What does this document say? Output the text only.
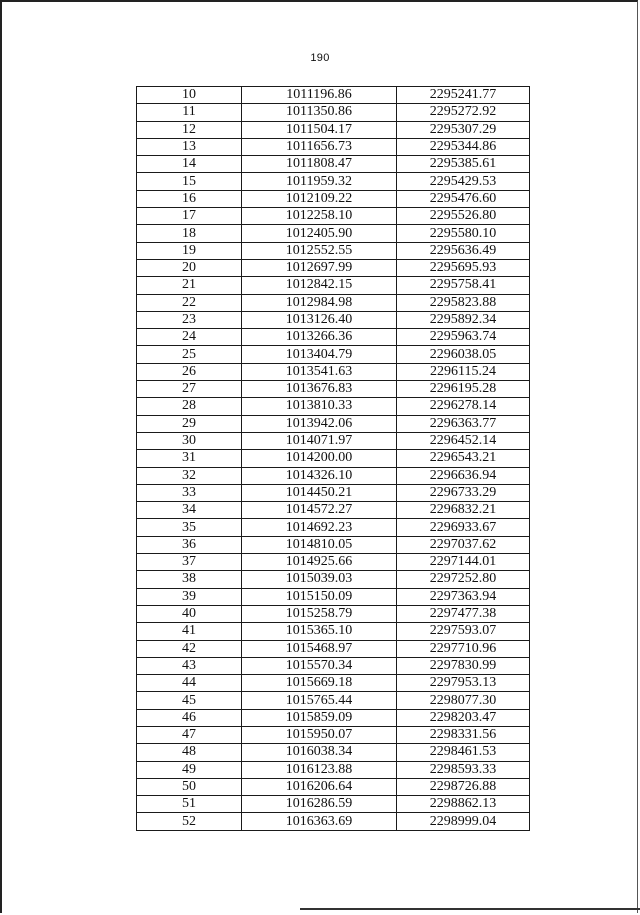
190
10	1011196.86	2295241.77
11	1011350.86	2295272.92
12	1011504.17	2295307.29
13	1011656.73	2295344.86
14	1011808.47	2295385.61
15	1011959.32	2295429.53
16	1012109.22	2295476.60
17	1012258.10	2295526.80
18	1012405.90	2295580.10
19	1012552.55	2295636.49
20	1012697.99	2295695.93
21	1012842.15	2295758.41
22	1012984.98	2295823.88
23	1013126.40	2295892.34
24	1013266.36	2295963.74
25	1013404.79	2296038.05
26	1013541.63	2296115.24
27	1013676.83	2296195.28
28	1013810.33	2296278.14
29	1013942.06	2296363.77
30	1014071.97	2296452.14
31	1014200.00	2296543.21
32	1014326.10	2296636.94
33	1014450.21	2296733.29
34	1014572.27	2296832.21
35	1014692.23	2296933.67
36	1014810.05	2297037.62
37	1014925.66	2297144.01
38	1015039.03	2297252.80
39	1015150.09	2297363.94
40	1015258.79	2297477.38
41	1015365.10	2297593.07
42	1015468.97	2297710.96
43	1015570.34	2297830.99
44	1015669.18	2297953.13
45	1015765.44	2298077.30
46	1015859.09	2298203.47
47	1015950.07	2298331.56
48	1016038.34	2298461.53
49	1016123.88	2298593.33
50	1016206.64	2298726.88
51	1016286.59	2298862.13
52	1016363.69	2298999.04
